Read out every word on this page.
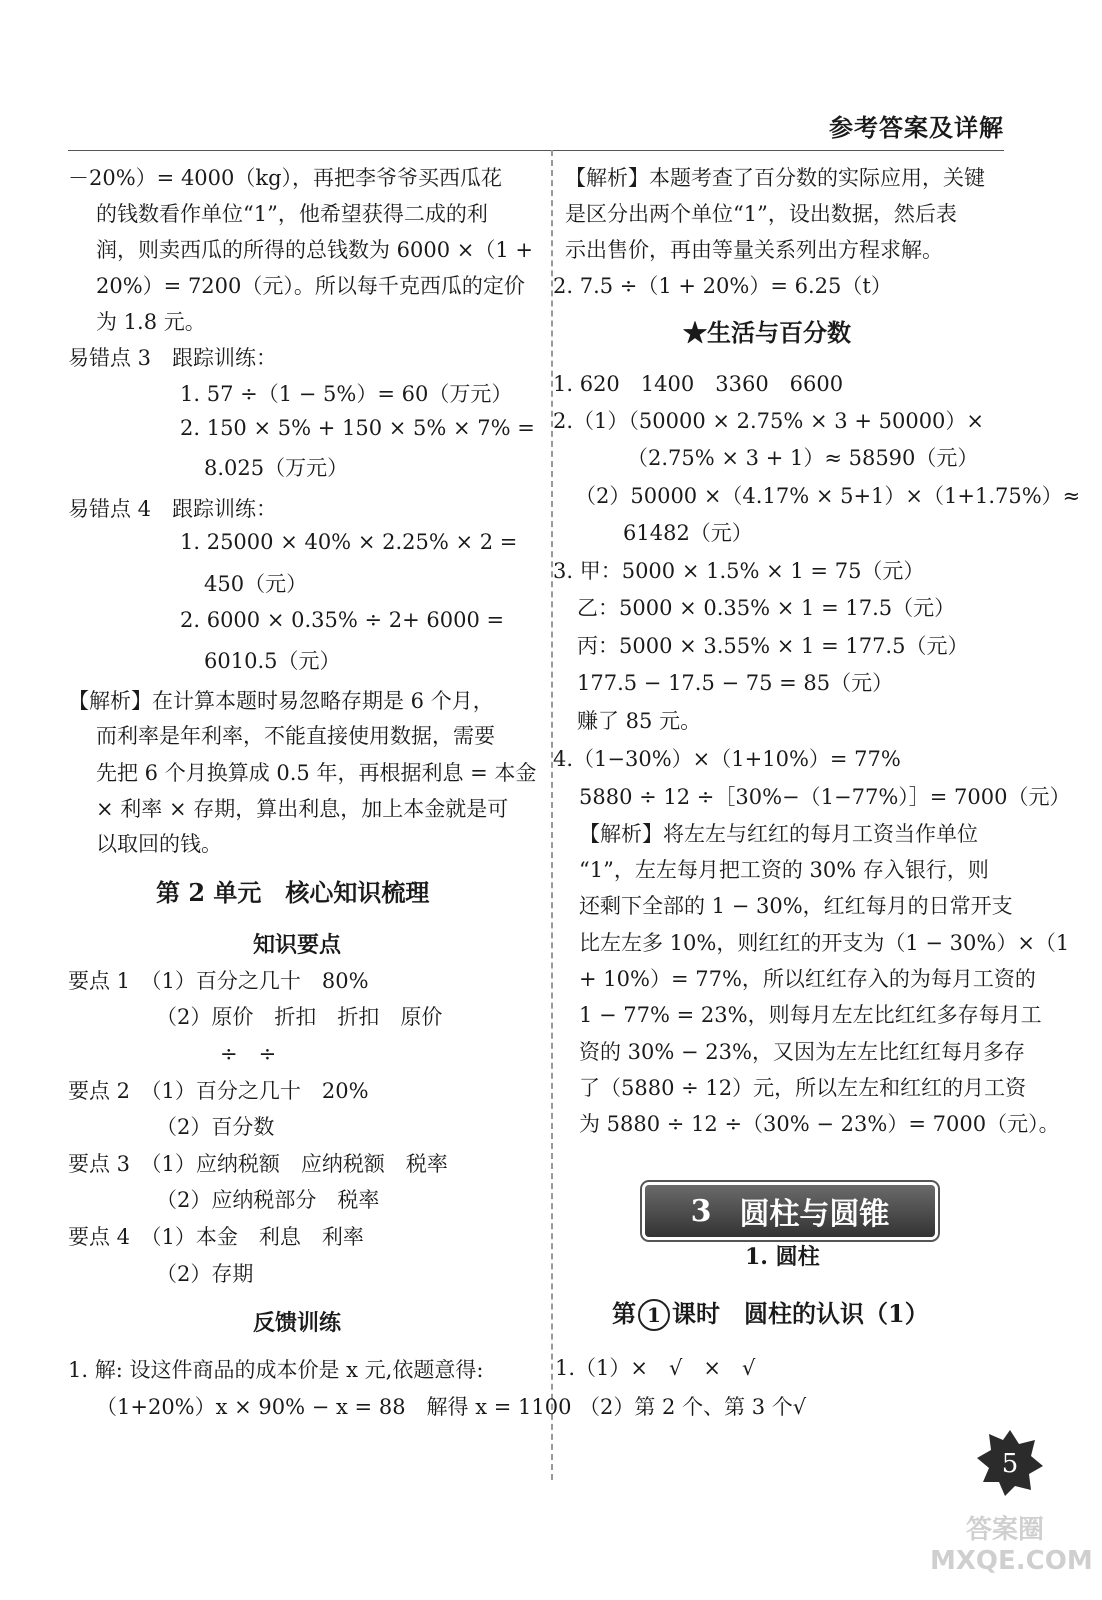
参考答案及详解
－20%）= 4000（kg），再把李爷爷买西瓜花
的钱数看作单位“1”，他希望获得二成的利
润，则卖西瓜的所得的总钱数为 6000 ×（1 +
20%）= 7200（元）。所以每千克西瓜的定价
为 1.8 元。
易错点 3　跟踪训练：
1. 57 ÷（1 − 5%）= 60（万元）
2. 150 × 5% + 150 × 5% × 7% =
8.025（万元）
易错点 4　跟踪训练：
1. 25000 × 40% × 2.25% × 2 =
450（元）
2. 6000 × 0.35% ÷ 2+ 6000 =
6010.5（元）
【解析】在计算本题时易忽略存期是 6 个月，
而利率是年利率，不能直接使用数据，需要
先把 6 个月换算成 0.5 年，再根据利息 = 本金
× 利率 × 存期，算出利息，加上本金就是可
以取回的钱。
第 2 单元　核心知识梳理
知识要点
要点 1　（1）百分之几十　80%
（2）原价　折扣　折扣　原价
÷　÷
要点 2　（1）百分之几十　20%
（2）百分数
要点 3　（1）应纳税额　应纳税额　税率
（2）应纳税部分　税率
要点 4　（1）本金　利息　利率
（2）存期
反馈训练
1. 解: 设这件商品的成本价是 x 元,依题意得:
（1+20%）x × 90% − x = 88　解得 x = 1100
【解析】本题考查了百分数的实际应用，关键
是区分出两个单位“1”，设出数据，然后表
示出售价，再由等量关系列出方程求解。
2. 7.5 ÷（1 + 20%）= 6.25（t）
★生活与百分数
1. 620　1400　3360　6600
2.（1）（50000 × 2.75% × 3 + 50000）×
（2.75% × 3 + 1）≈ 58590（元）
（2）50000 ×（4.17% × 5+1）×（1+1.75%）≈
61482（元）
3. 甲：5000 × 1.5% × 1 = 75（元）
乙：5000 × 0.35% × 1 = 17.5（元）
丙：5000 × 3.55% × 1 = 177.5（元）
177.5 − 17.5 − 75 = 85（元）
赚了 85 元。
4.（1−30%）×（1+10%）= 77%
5880 ÷ 12 ÷［30%−（1−77%）］= 7000（元）
【解析】将左左与红红的每月工资当作单位
“1”，左左每月把工资的 30% 存入银行，则
还剩下全部的 1 − 30%，红红每月的日常开支
比左左多 10%，则红红的开支为（1 − 30%）×（1
+ 10%）= 77%，所以红红存入的为每月工资的
1 − 77% = 23%，则每月左左比红红多存每月工
资的 30% − 23%，又因为左左比红红每月多存
了（5880 ÷ 12）元，所以左左和红红的月工资
为 5880 ÷ 12 ÷（30% − 23%）= 7000（元）。
1. 圆柱
1.（1）×　√　×　√
（2）第 2 个、第 3 个√
3 圆柱与圆锥
第 1 课时　圆柱的认识（1）
5
答案圈
MXQE.COM
